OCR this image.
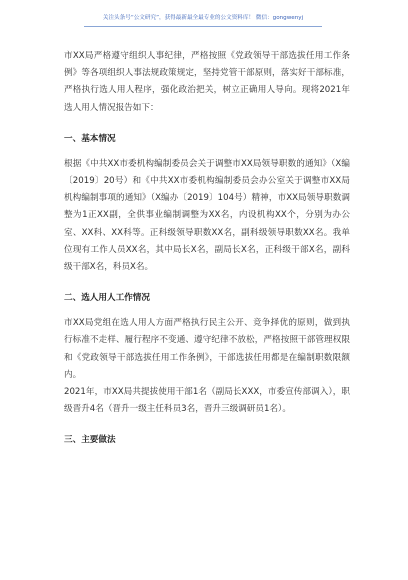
关注头条号“公文研究”，获得最新最全最专业的公文资料库！ 微信：gongwenyj

市XX局严格遵守组织人事纪律，严格按照《党政领导干部选拔任用工作条例》等各项组织人事法规政策规定，坚持党管干部原则，落实好干部标准，严格执行选人用人程序，强化政治把关，树立正确用人导向。现将2021年选人用人情况报告如下：

一、基本情况

根据《中共XX市委机构编制委员会关于调整市XX局领导职数的通知》（X编〔2019〕20号）和《中共XX市委机构编制委员会办公室关于调整市XX局机构编制事项的通知》（X编办〔2019〕104号）精神，市XX局领导职数调整为1正XX副，全供事业编制调整为XX名，内设机构XX个，分别为办公室、XX科、XX科等。正科级领导职数XX名，副科级领导职数XX名。我单位现有工作人员XX名，其中局长X名，副局长X名，正科级干部X名，副科级干部X名，科员X名。

二、选人用人工作情况

市XX局党组在选人用人方面严格执行民主公开、竞争择优的原则，做到执行标准不走样、履行程序不变通、遵守纪律不放松，严格按照干部管理权限和《党政领导干部选拔任用工作条例》，干部选拔任用都是在编制职数限额内。

2021年，市XX局共提拔使用干部1名（副局长XXX，市委宣传部调入），职级晋升4名（晋升一级主任科员3名，晋升三级调研员1名）。

三、主要做法
